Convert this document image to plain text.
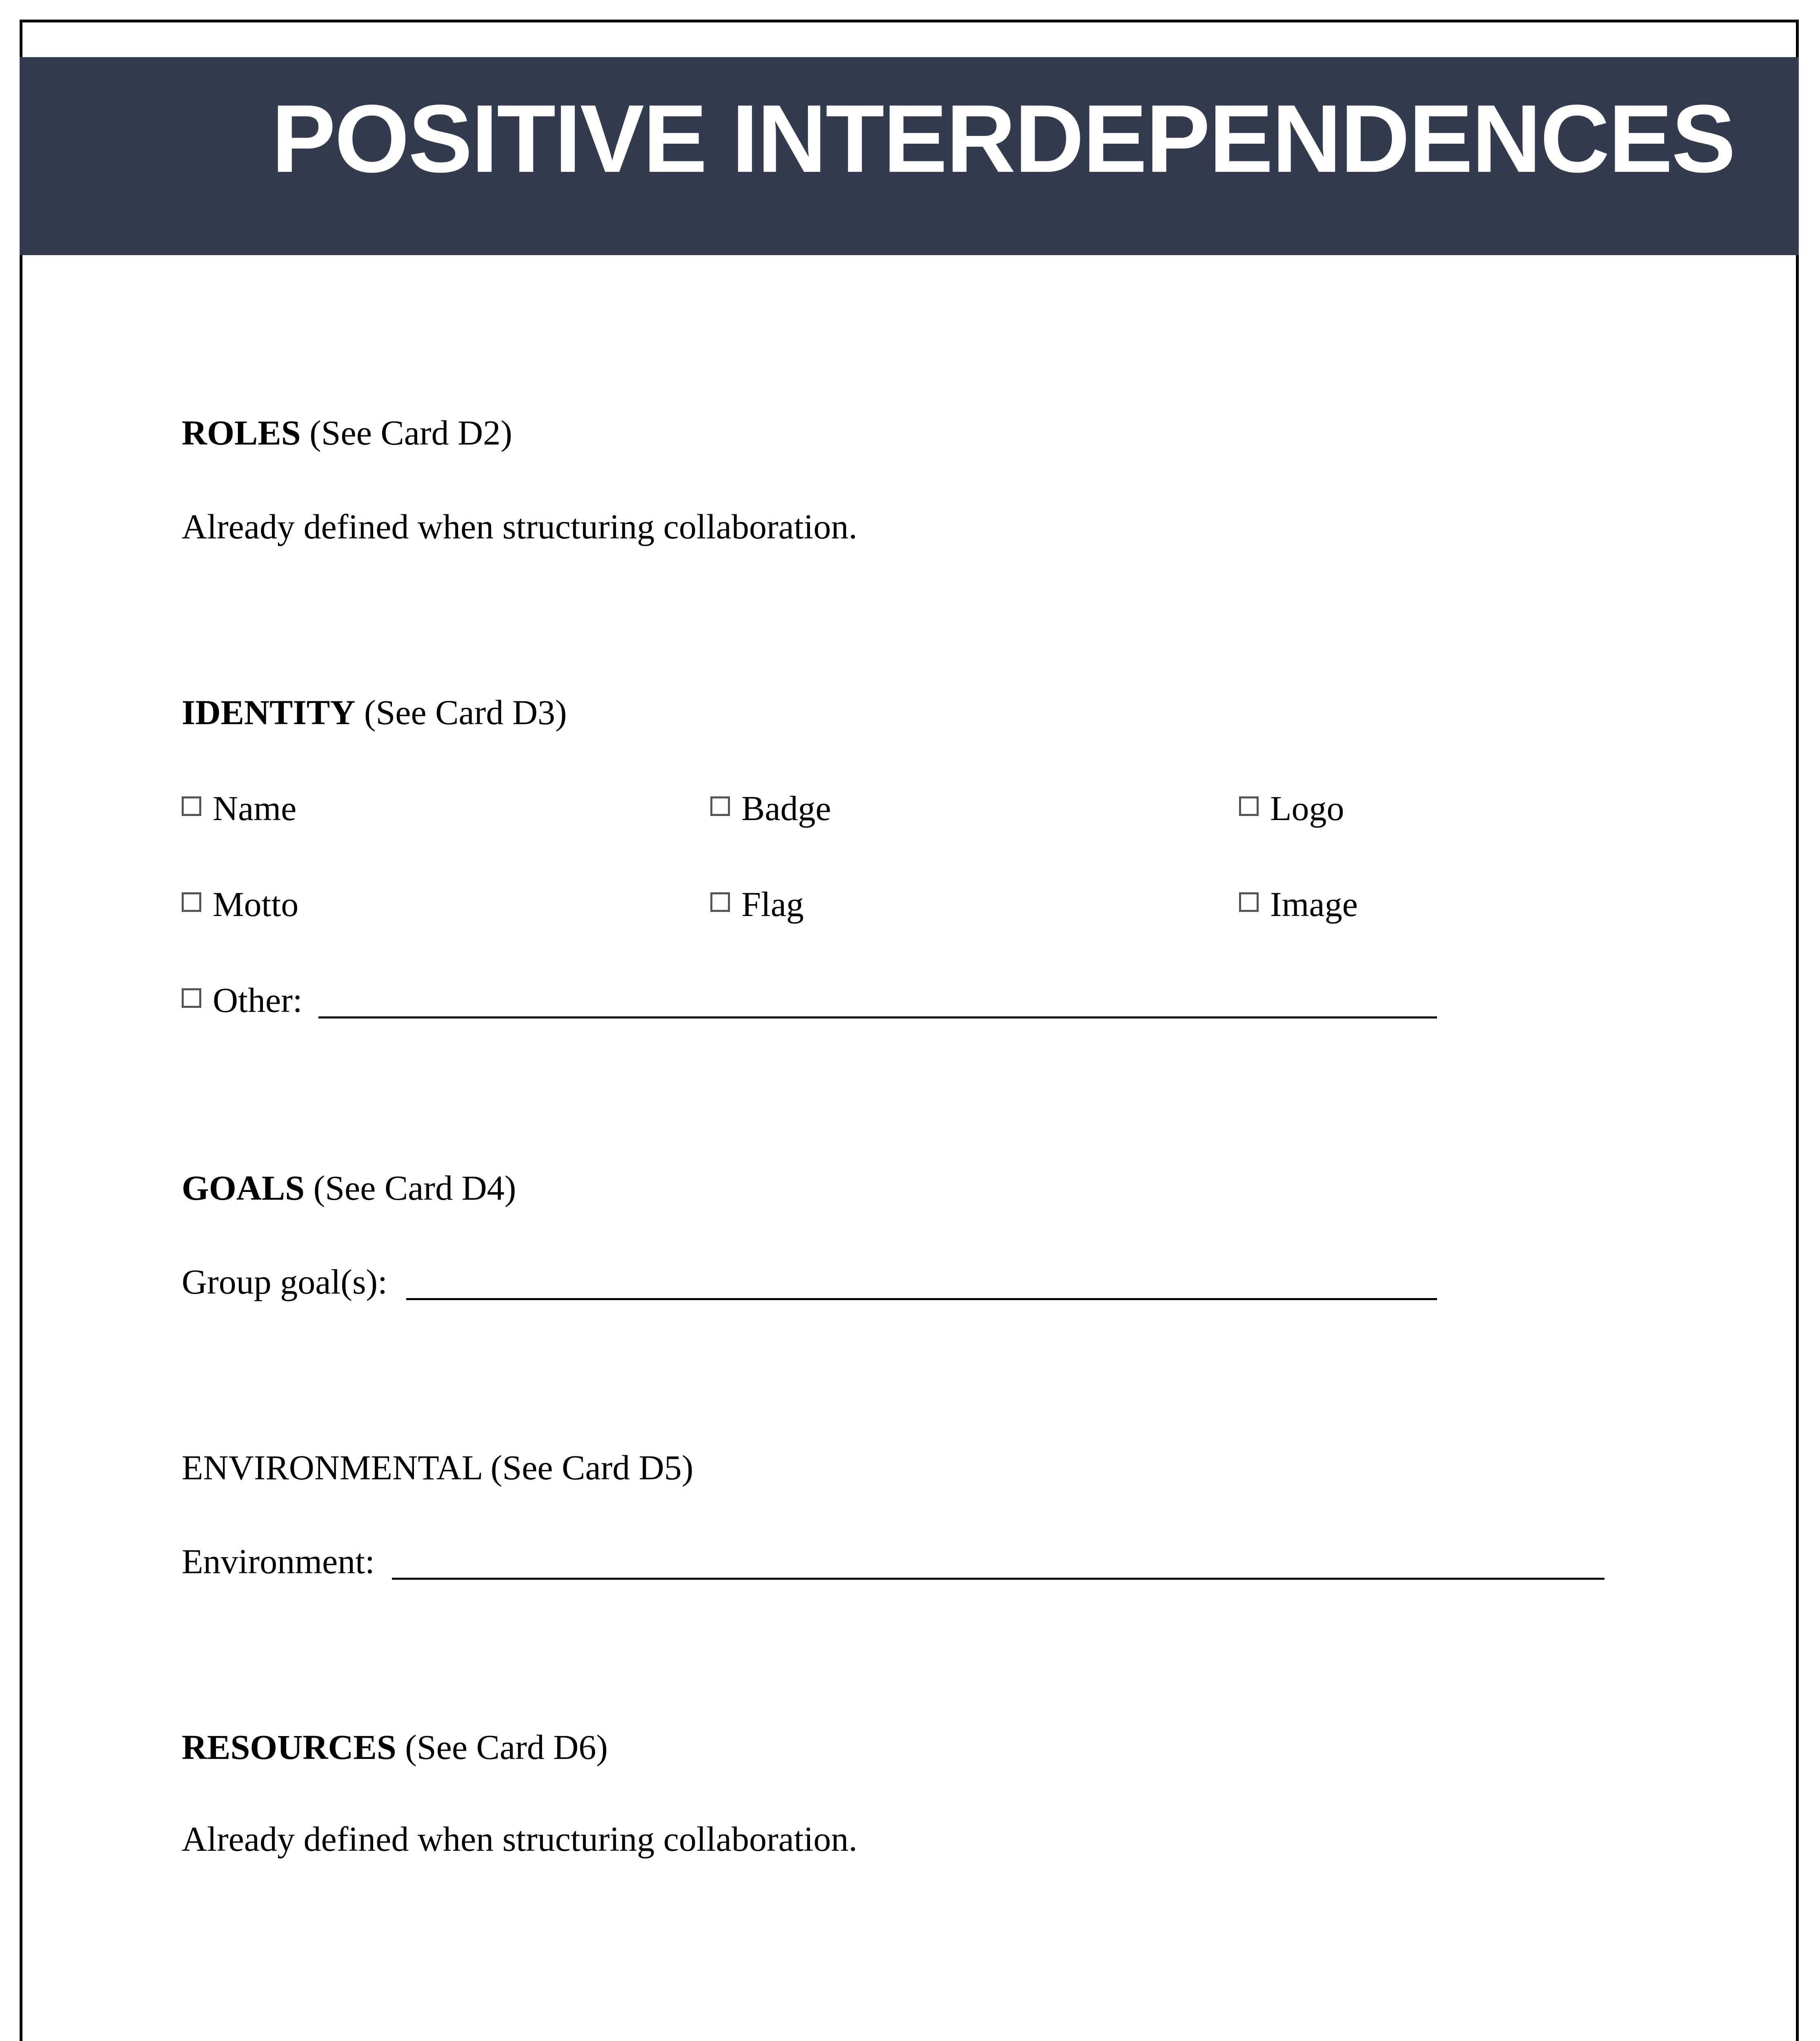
POSITIVE INTERDEPENDENCES

ROLES (See Card D2)

Already defined when structuring collaboration.

IDENTITY (See Card D3)

Name	Badge	Logo
Motto	Flag	Image
Other:

GOALS (See Card D4)

Group goal(s):

ENVIRONMENTAL (See Card D5)

Environment:

RESOURCES (See Card D6)

Already defined when structuring collaboration.
